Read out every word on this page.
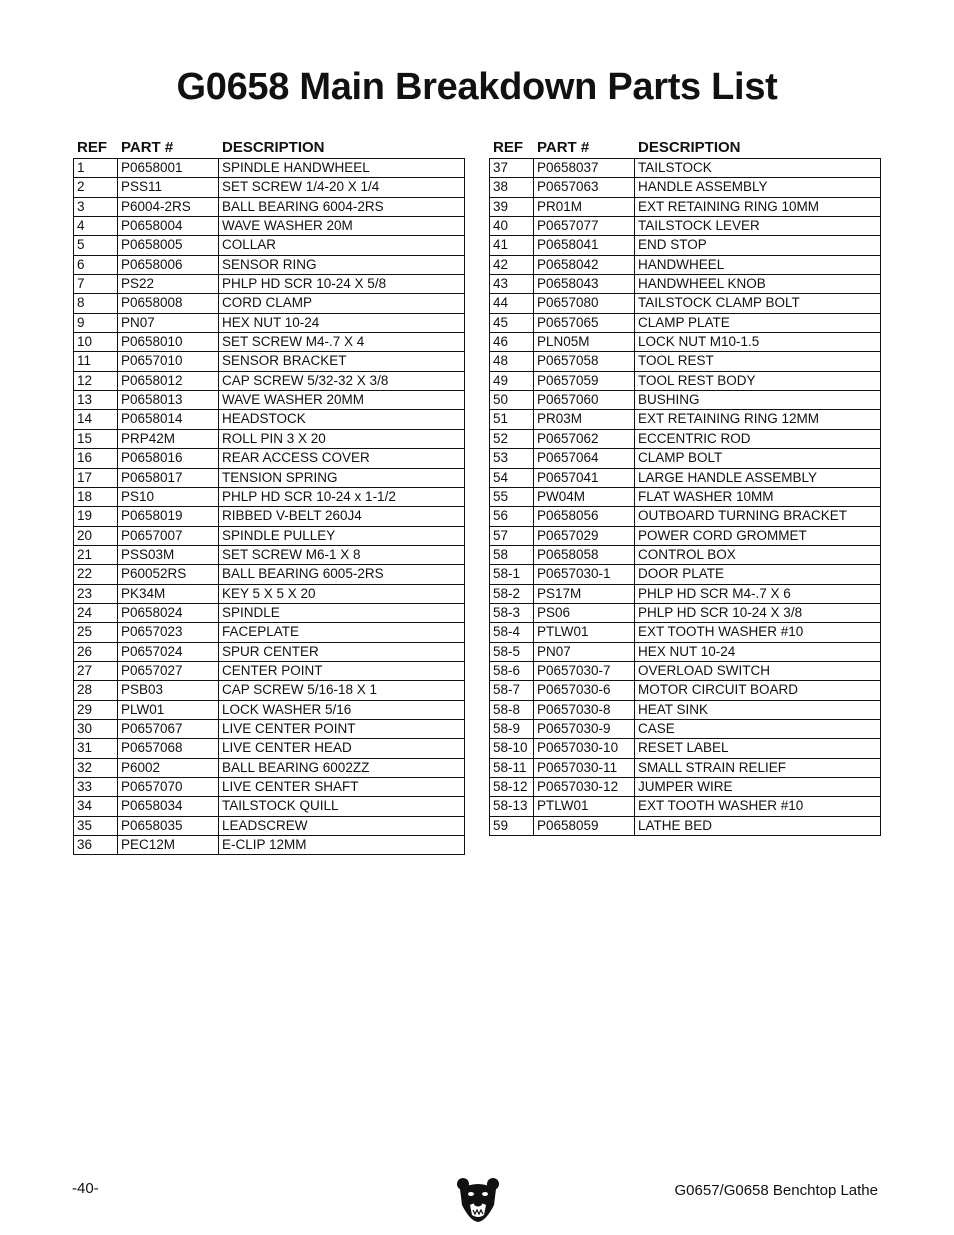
G0658 Main Breakdown Parts List
REF PART #	DESCRIPTION
1	P0658001	SPINDLE HANDWHEEL
2	PSS11	SET SCREW 1/4-20 X 1/4
3	P6004-2RS	BALL BEARING 6004-2RS
4	P0658004	WAVE WASHER 20M
5	P0658005	COLLAR
6	P0658006	SENSOR RING
7	PS22	PHLP HD SCR 10-24 X 5/8
8	P0658008	CORD CLAMP
9	PN07	HEX NUT 10-24
10	P0658010	SET SCREW M4-.7 X 4
11	P0657010	SENSOR BRACKET
12	P0658012	CAP SCREW 5/32-32 X 3/8
13	P0658013	WAVE WASHER 20MM
14	P0658014	HEADSTOCK
15	PRP42M	ROLL PIN 3 X 20
16	P0658016	REAR ACCESS COVER
17	P0658017	TENSION SPRING
18	PS10	PHLP HD SCR 10-24 x 1-1/2
19	P0658019	RIBBED V-BELT 260J4
20	P0657007	SPINDLE PULLEY
21	PSS03M	SET SCREW M6-1 X 8
22	P60052RS	BALL BEARING 6005-2RS
23	PK34M	KEY 5 X 5 X 20
24	P0658024	SPINDLE
25	P0657023	FACEPLATE
26	P0657024	SPUR CENTER
27	P0657027	CENTER POINT
28	PSB03	CAP SCREW 5/16-18 X 1
29	PLW01	LOCK WASHER 5/16
30	P0657067	LIVE CENTER POINT
31	P0657068	LIVE CENTER HEAD
32	P6002	BALL BEARING 6002ZZ
33	P0657070	LIVE CENTER SHAFT
34	P0658034	TAILSTOCK QUILL
35	P0658035	LEADSCREW
36	PEC12M	E-CLIP 12MM
REF PART #	DESCRIPTION
37	P0658037	TAILSTOCK
38	P0657063	HANDLE ASSEMBLY
39	PR01M	EXT RETAINING RING 10MM
40	P0657077	TAILSTOCK LEVER
41	P0658041	END STOP
42	P0658042	HANDWHEEL
43	P0658043	HANDWHEEL KNOB
44	P0657080	TAILSTOCK CLAMP BOLT
45	P0657065	CLAMP PLATE
46	PLN05M	LOCK NUT M10-1.5
48	P0657058	TOOL REST
49	P0657059	TOOL REST BODY
50	P0657060	BUSHING
51	PR03M	EXT RETAINING RING 12MM
52	P0657062	ECCENTRIC ROD
53	P0657064	CLAMP BOLT
54	P0657041	LARGE HANDLE ASSEMBLY
55	PW04M	FLAT WASHER 10MM
56	P0658056	OUTBOARD TURNING BRACKET
57	P0657029	POWER CORD GROMMET
58	P0658058	CONTROL BOX
58-1	P0657030-1	DOOR PLATE
58-2	PS17M	PHLP HD SCR M4-.7 X 6
58-3	PS06	PHLP HD SCR 10-24 X 3/8
58-4	PTLW01	EXT TOOTH WASHER #10
58-5	PN07	HEX NUT 10-24
58-6	P0657030-7	OVERLOAD SWITCH
58-7	P0657030-6	MOTOR CIRCUIT BOARD
58-8	P0657030-8	HEAT SINK
58-9	P0657030-9	CASE
58-10 P0657030-10	RESET LABEL
58-11 P0657030-11	SMALL STRAIN RELIEF
58-12 P0657030-12	JUMPER WIRE
58-13 PTLW01	EXT TOOTH WASHER #10
59	P0658059	LATHE BED
-40-	G0657/G0658 Benchtop Lathe
